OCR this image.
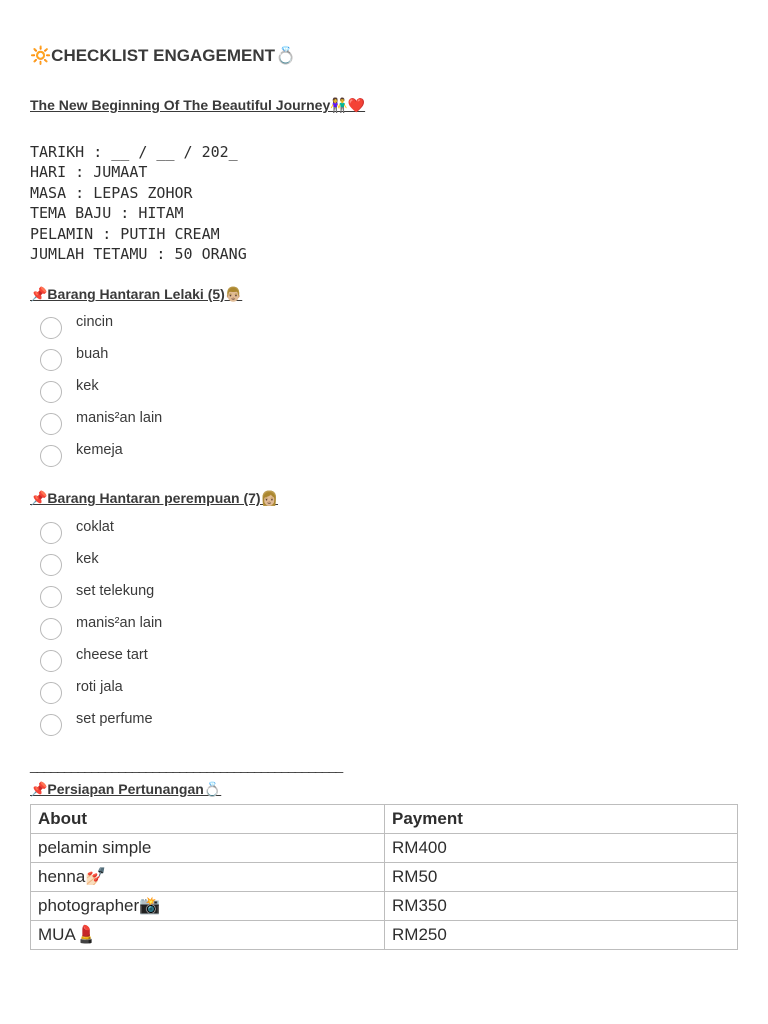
🔆CHECKLIST ENGAGEMENT💍
The New Beginning Of The Beautiful Journey👫❤️
TARIKH : __ / __ / 202_
HARI : JUMAAT
MASA : LEPAS ZOHOR
TEMA BAJU : HITAM
PELAMIN : PUTIH CREAM
JUMLAH TETAMU : 50 ORANG
📌Barang Hantaran Lelaki (5)👨🏼
cincin
buah
kek
manis²an lain
kemeja
📌Barang Hantaran perempuan (7)👩🏼
coklat
kek
set telekung
manis²an lain
cheese tart
roti jala
set perfume
______________________________________________
📌Persiapan Pertunangan💍
About	Payment
pelamin simple	RM400
henna💅🏻	RM50
photographer📸	RM350
MUA💄	RM250
